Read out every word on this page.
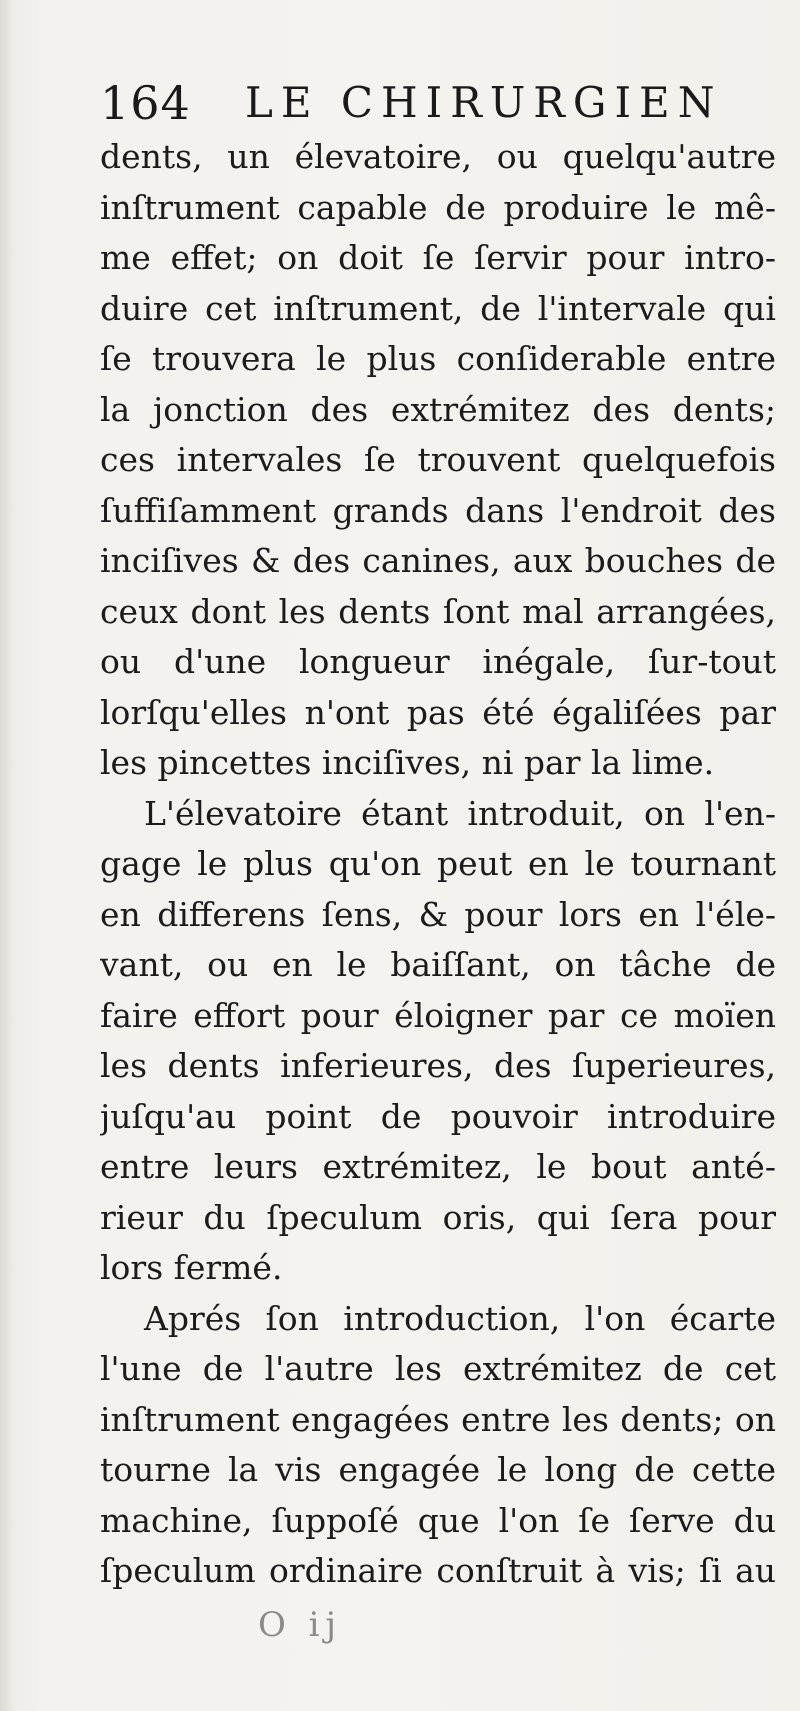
164 LE CHIRURGIEN
dents, un élevatoire, ou quelqu'autre
inſtrument capable de produire le mê-
me effet; on doit ſe ſervir pour intro-
duire cet inſtrument, de l'intervale qui
ſe trouvera le plus conſiderable entre
la jonction des extrémitez des dents;
ces intervales ſe trouvent quelquefois
ſuffiſamment grands dans l'endroit des
inciſives & des canines, aux bouches de
ceux dont les dents ſont mal arrangées,
ou d'une longueur inégale, ſur-tout
lorſqu'elles n'ont pas été égaliſées par
les pincettes inciſives, ni par la lime.
L'élevatoire étant introduit, on l'en-
gage le plus qu'on peut en le tournant
en differens ſens, & pour lors en l'éle-
vant, ou en le baiſſant, on tâche de
faire effort pour éloigner par ce moïen
les dents inferieures, des ſuperieures,
juſqu'au point de pouvoir introduire
entre leurs extrémitez, le bout anté-
rieur du ſpeculum oris, qui ſera pour
lors fermé.
Aprés ſon introduction, l'on écarte
l'une de l'autre les extrémitez de cet
inſtrument engagées entre les dents; on
tourne la vis engagée le long de cette
machine, ſuppoſé que l'on ſe ſerve du
ſpeculum ordinaire conſtruit à vis; ſi au
O ij
